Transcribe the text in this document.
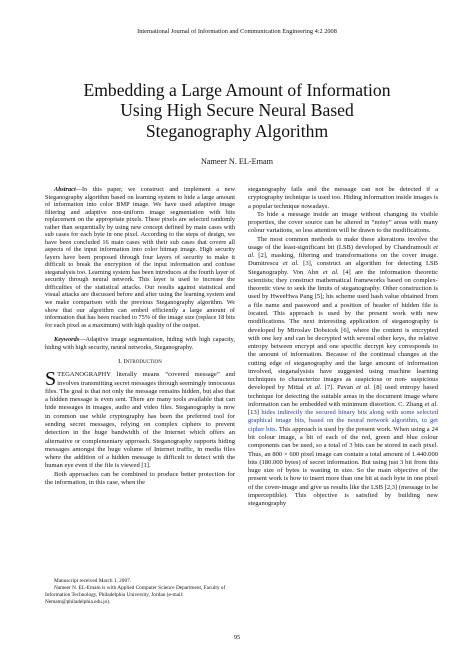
International Journal of Information and Communication Engineering 4:2 2008
Embedding a Large Amount of Information
Using High Secure Neural Based
Steganography Algorithm
Nameer N. EL-Emam

Abstract—In this paper, we construct and implement a new Steganography algorithm based on learning system to hide a large amount of information into color BMP image. We have used adaptive image filtering and adaptive non-uniform image segmentation with bits replacement on the appropriate pixels. These pixels are selected randomly rather than sequentially by using new concept defined by main cases with sub cases for each byte in one pixel. According to the steps of design, we have been concluded 16 main cases with their sub cases that covere all aspects of the input information into color bitmap image. High security layers have been proposed through four layers of security to make it difficult to break the encryption of the input information and confuse steganalysis too. Learning system has been introduces at the fourth layer of security through neural network. This layer is used to increase the difficulties of the statistical attacks. Our results against statistical and visual attacks are discussed before and after using the learning system and we make comparison with the previous Steganography algorithm. We show that our algorithm can embed efficiently a large amount of information that has been reached to 75% of the image size (replace 18 bits for each pixel as a maximum) with high quality of the output.

Keywords—Adaptive image segmentation, hiding with high capacity, hiding with high security, neural networks, Steganography.

I. Introduction

STEGANOGRAPHY literally means “covered message” and involves transmitting secret messages through seemingly innocuous files. The goal is that not only the message remains hidden, but also that a hidden message is even sent. There are many tools available that can hide messages in images, audio and video files. Steganography is now in common use while cryptography has been the preferred tool for sending secret messages, relying on complex ciphers to prevent detection in the huge bandwidth of the Internet which offers an alternative or complementary approach. Steganography supports hiding messages amongst the huge volume of Internet traffic, in media files where the addition of a hidden message is difficult to detect with the human eye even if the file is viewed [1].

Both approaches can be combined to produce better protection for the information, in this case, when the

Manuscript received March 1, 2007.

Nameer N. EL-Emam is with Applied Computer Science Department, Faculty of Information Technology, Philadelphia University, Jordan (e-mail: Nemam@philadelphia.edu.jo).

steganography fails and the message can not be detected if a cryptography technique is used too. Hiding information inside images is a popular technique nowadays.

To hide a message inside an image without changing its visible properties, the cover source can be altered in “noisy” areas with many colour variations, so less attention will be drawn to the modifications.

The most common methods to make these alterations involve the usage of the least-significant bit (LSB) developed by Chandramouli et al. [2], masking, filtering and transformations on the cover image. Dumitrescu et al. [3], construct an algorithm for detecting LSB Steganography. Von Ahn et al. [4] are the information theoretic scientists; they construct mathematical frameworks based on complex-theoretic view to seek the limits of steganography. Other construction is used by HweeHwa Pang [5]; his scheme used hash value obtained from a file name and password and a position of header of hidden file is located. This approach is used by the present work with new modifications. The next interesting application of steganography is developed by Miroslav Dobsicek [6], where the content is encrypted with one key and can be decrypted with several other keys, the relative entropy between encrypt and one specific decrypt key corresponds to the amount of information. Because of the continual changes at the cutting edge of steganography and the large amount of information involved, steganalysists have suggested using machine learning techniques to characterize images as suspicious or non- suspicious developed by Mittal et al. [7]. Pavan et al. [8] used entropy based technique for detecting the suitable areas in the document image where information can be embedded with minimum distortion. C. Zhang et al. [13] hides indirectly the secured binary bits along with some selected graphical image bits, based on the neural network algorithm, to get cipher bits. This approach is used by the present work. When using a 24 bit colour image, a bit of each of the red, green and blue colour components can be used, so a total of 3 bits can be stored in each pixel. Thus, an 800 × 600 pixel image can contain a total amount of 1.440.000 bits (180.000 bytes) of secret information. But using just 3 bit from this huge size of bytes is wasting in size. So the main objective of the present work is how to insert more than one bit at each byte in one pixel of the cover-image and give us results like the LSB [2,3] (message to be imperceptible). This objective is satisfied by building new steganography

95
